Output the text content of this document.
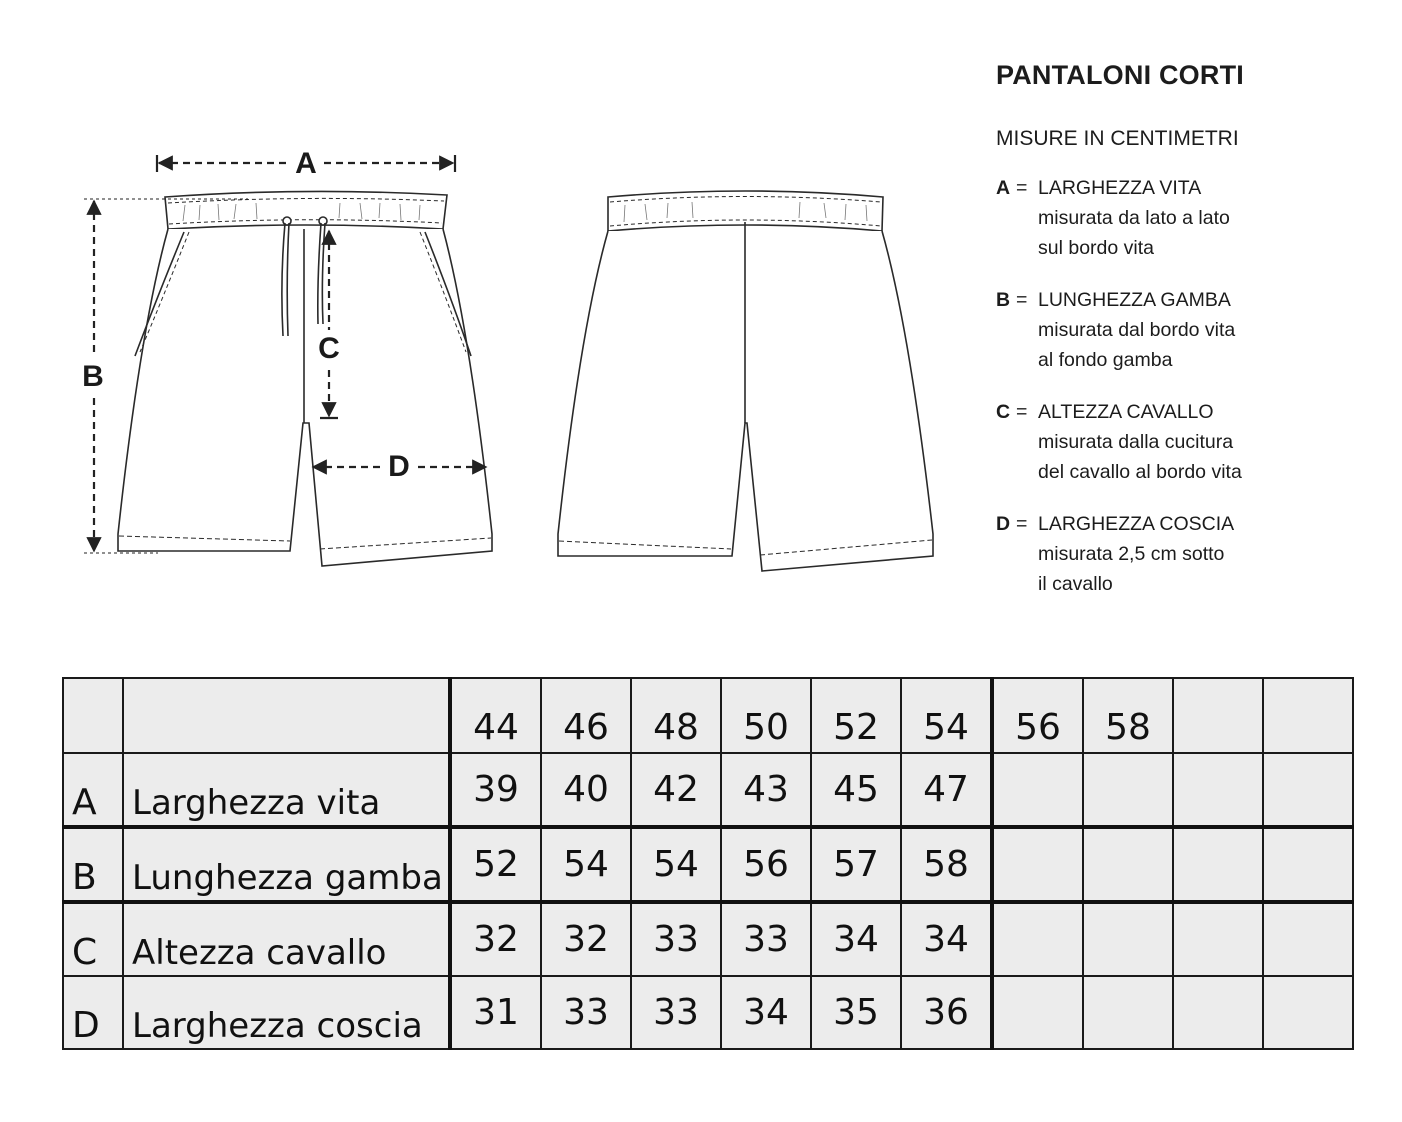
A
B
C
D
PANTALONI CORTI
MISURE IN CENTIMETRI
A = LARGHEZZA VITA
misurata da lato a lato
sul bordo vita
B = LUNGHEZZA GAMBA
misurata dal bordo vita
al fondo gamba
C = ALTEZZA CAVALLO
misurata dalla cucitura
del cavallo al bordo vita
D = LARGHEZZA COSCIA
misurata 2,5 cm sotto
il cavallo
		44	46	48	50	52	54	56	58		
A	Larghezza vita	39	40	42	43	45	47				
B	Lunghezza gamba	52	54	54	56	57	58				
C	Altezza cavallo	32	32	33	33	34	34				
D	Larghezza coscia	31	33	33	34	35	36				
